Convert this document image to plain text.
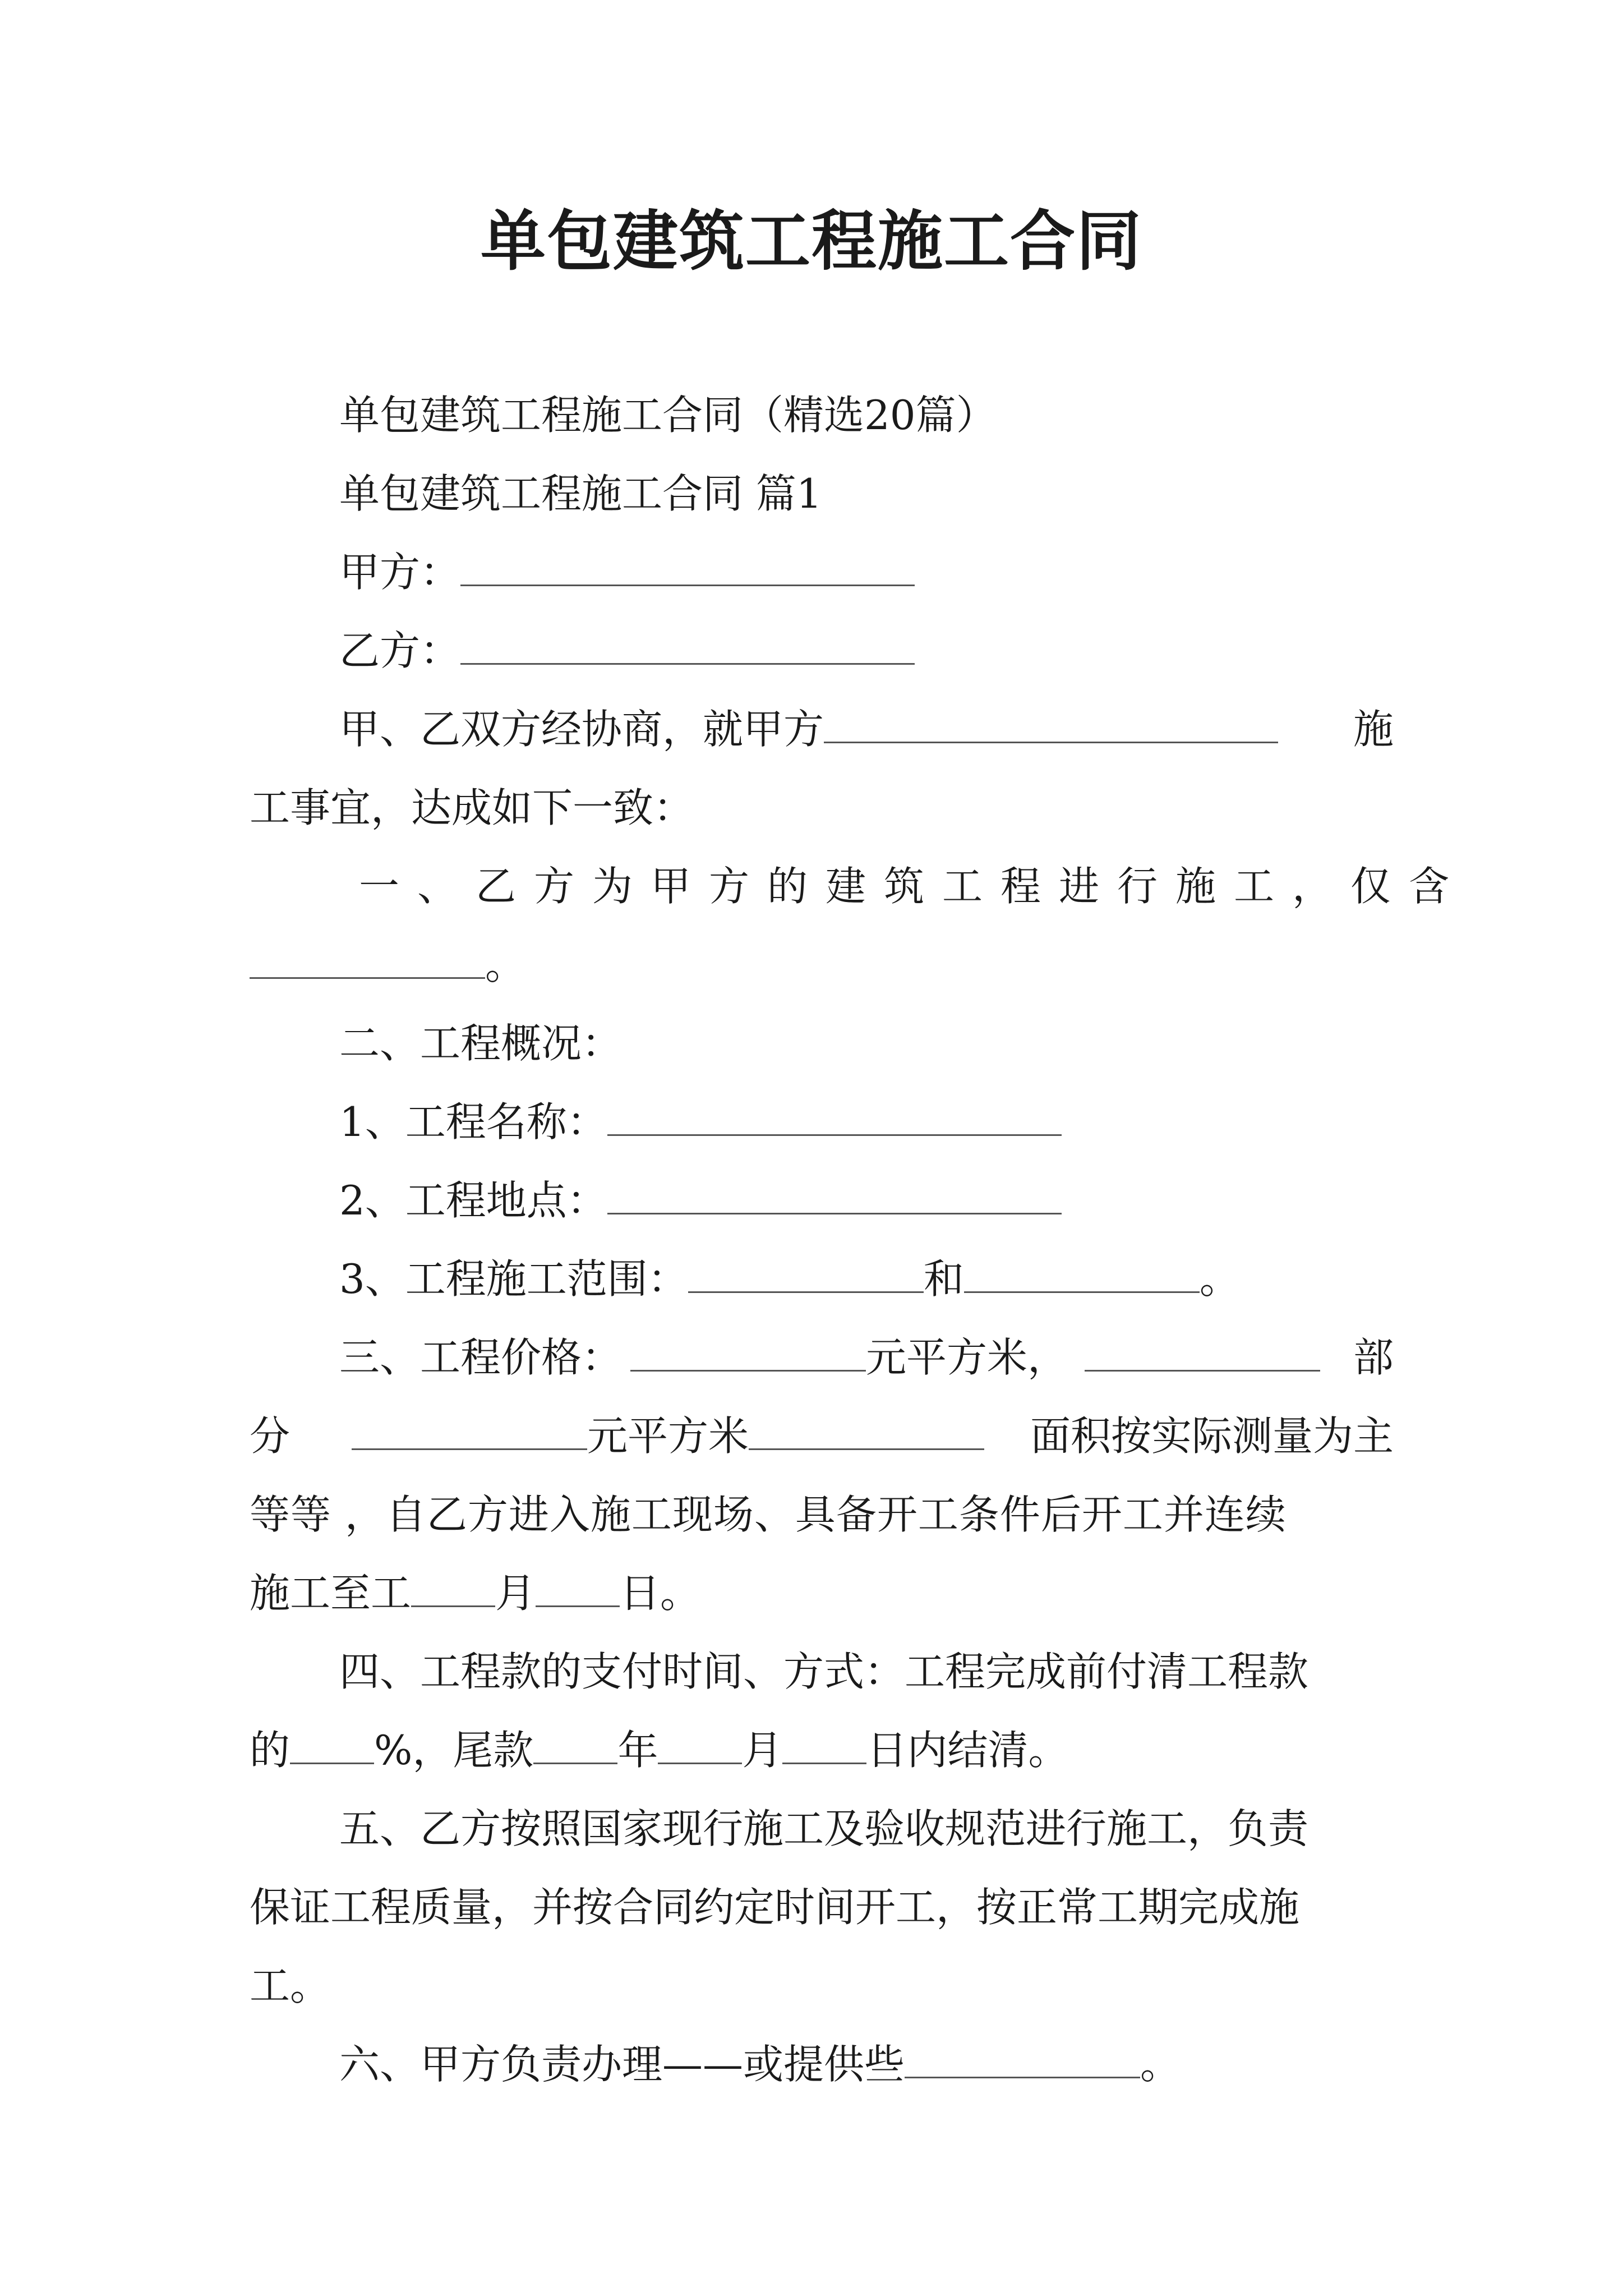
单包建筑工程施工合同
单包建筑工程施工合同（精选20篇）
单包建筑工程施工合同 篇1
甲方：
乙方：
甲、乙双方经协商，就甲方	施
工事宜，达成如下一致：
一、乙方为甲方的建筑工程进行施工，仅含
。
二、工程概况：
1、工程名称：
2、工程地点：
3、工程施工范围：	和	。
三、工程价格：	元平方米，	部
分	元平方米	面积按实际测量为主
等等 ，自乙方进入施工现场、具备开工条件后开工并连续
施工至工 月 日。
四、工程款的支付时间、方式：工程完成前付清工程款
的 %，尾款 年 月 日内结清。
五、乙方按照国家现行施工及验收规范进行施工，负责
保证工程质量，并按合同约定时间开工，按正常工期完成施
工。
六、甲方负责办理——或提供些	。
